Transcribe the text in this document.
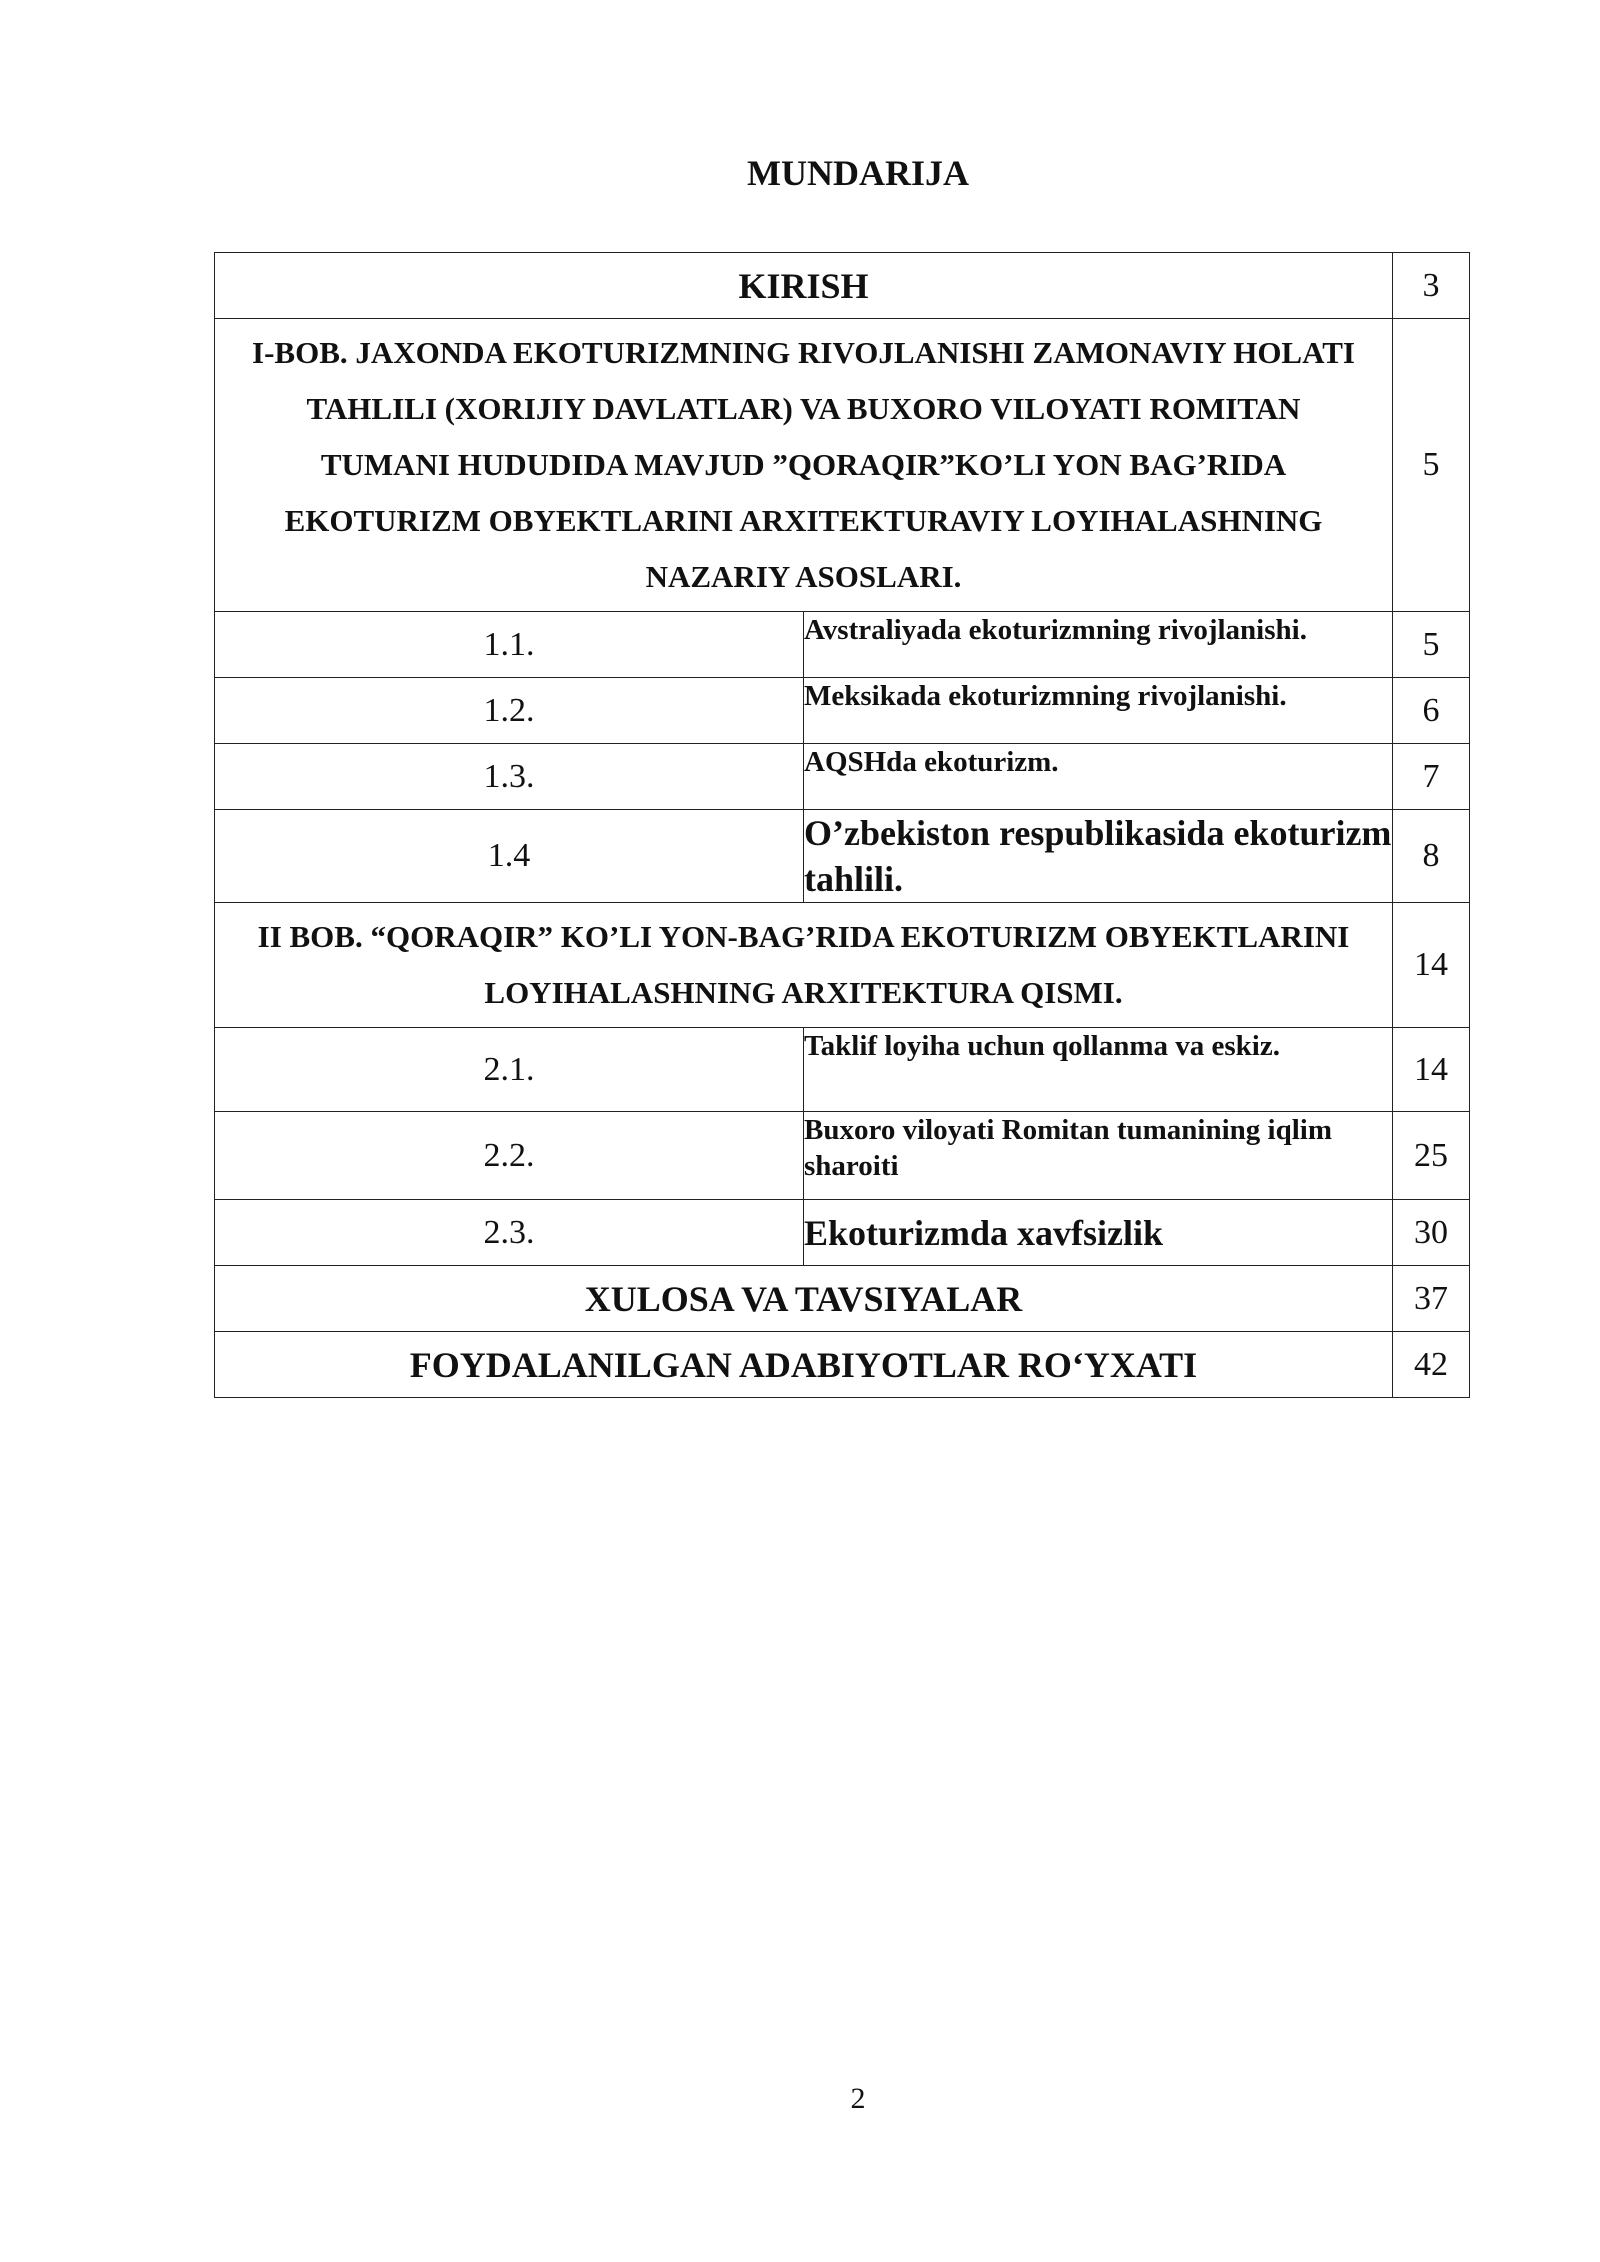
MUNDARIJA
KIRISH		3
I-BOB. JAXONDA EKOTURIZMNING RIVOJLANISHI ZAMONAVIY HOLATI TAHLILI (XORIJIY DAVLATLAR) VA BUXORO VILOYATI ROMITAN TUMANI HUDUDIDA MAVJUD ”QORAQIR”KO’LI YON BAG’RIDA EKOTURIZM OBYEKTLARINI ARXITEKTURAVIY LOYIHALASHNING NAZARIY ASOSLARI.		5
1.1.	Avstraliyada ekoturizmning rivojlanishi.	5
1.2.	Meksikada ekoturizmning rivojlanishi.	6
1.3.	AQSHda ekoturizm.	7
1.4	O’zbekiston respublikasida ekoturizm tahlili.	8
II BOB. “QORAQIR” KO’LI YON-BAG’RIDA EKOTURIZM OBYEKTLARINI LOYIHALASHNING ARXITEKTURA QISMI.		14
2.1.	Taklif loyiha uchun qollanma va eskiz.	14
2.2.	Buxoro viloyati Romitan tumanining iqlim sharoiti	25
2.3.	Ekoturizmda xavfsizlik	30
XULOSA VA TAVSIYALAR		37
FOYDALANILGAN ADABIYOTLAR RO‘YXATI		42
2
